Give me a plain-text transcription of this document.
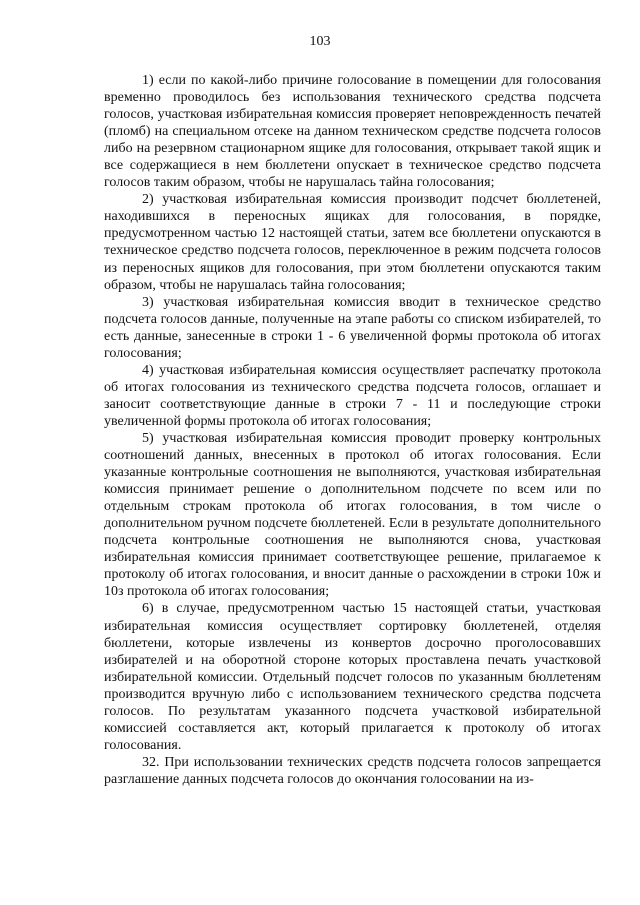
103

1) если по какой-либо причине голосование в помещении для голосования временно проводилось без использования технического средства подсчета голосов, участковая избирательная комиссия проверяет неповрежденность печатей (пломб) на специальном отсеке на данном техническом средстве подсчета голосов либо на резервном стационарном ящике для голосования, открывает такой ящик и все содержащиеся в нем бюллетени опускает в техническое средство подсчета голосов таким образом, чтобы не нарушалась тайна голосования;

2) участковая избирательная комиссия производит подсчет бюллетеней, находившихся в переносных ящиках для голосования, в порядке, предусмотренном частью 12 настоящей статьи, затем все бюллетени опускаются в техническое средство подсчета голосов, переключенное в режим подсчета голосов из переносных ящиков для голосования, при этом бюллетени опускаются таким образом, чтобы не нарушалась тайна голосования;

3) участковая избирательная комиссия вводит в техническое средство подсчета голосов данные, полученные на этапе работы со списком избирателей, то есть данные, занесенные в строки 1 - 6 увеличенной формы протокола об итогах голосования;

4) участковая избирательная комиссия осуществляет распечатку протокола об итогах голосования из технического средства подсчета голосов, оглашает и заносит соответствующие данные в строки 7 - 11 и последующие строки увеличенной формы протокола об итогах голосования;

5) участковая избирательная комиссия проводит проверку контрольных соотношений данных, внесенных в протокол об итогах голосования. Если указанные контрольные соотношения не выполняются, участковая избирательная комиссия принимает решение о дополнительном подсчете по всем или по отдельным строкам протокола об итогах голосования, в том числе о дополнительном ручном подсчете бюллетеней. Если в результате дополнительного подсчета контрольные соотношения не выполняются снова, участковая избирательная комиссия принимает соответствующее решение, прилагаемое к протоколу об итогах голосования, и вносит данные о расхождении в строки 10ж и 10з протокола об итогах голосования;

6) в случае, предусмотренном частью 15 настоящей статьи, участковая избирательная комиссия осуществляет сортировку бюллетеней, отделяя бюллетени, которые извлечены из конвертов досрочно проголосовавших избирателей и на оборотной стороне которых проставлена печать участковой избирательной комиссии. Отдельный подсчет голосов по указанным бюллетеням производится вручную либо с использованием технического средства подсчета голосов. По результатам указанного подсчета участковой избирательной комиссией составляется акт, который прилагается к протоколу об итогах голосования.

32. При использовании технических средств подсчета голосов запрещается разглашение данных подсчета голосов до окончания голосовании на из-
